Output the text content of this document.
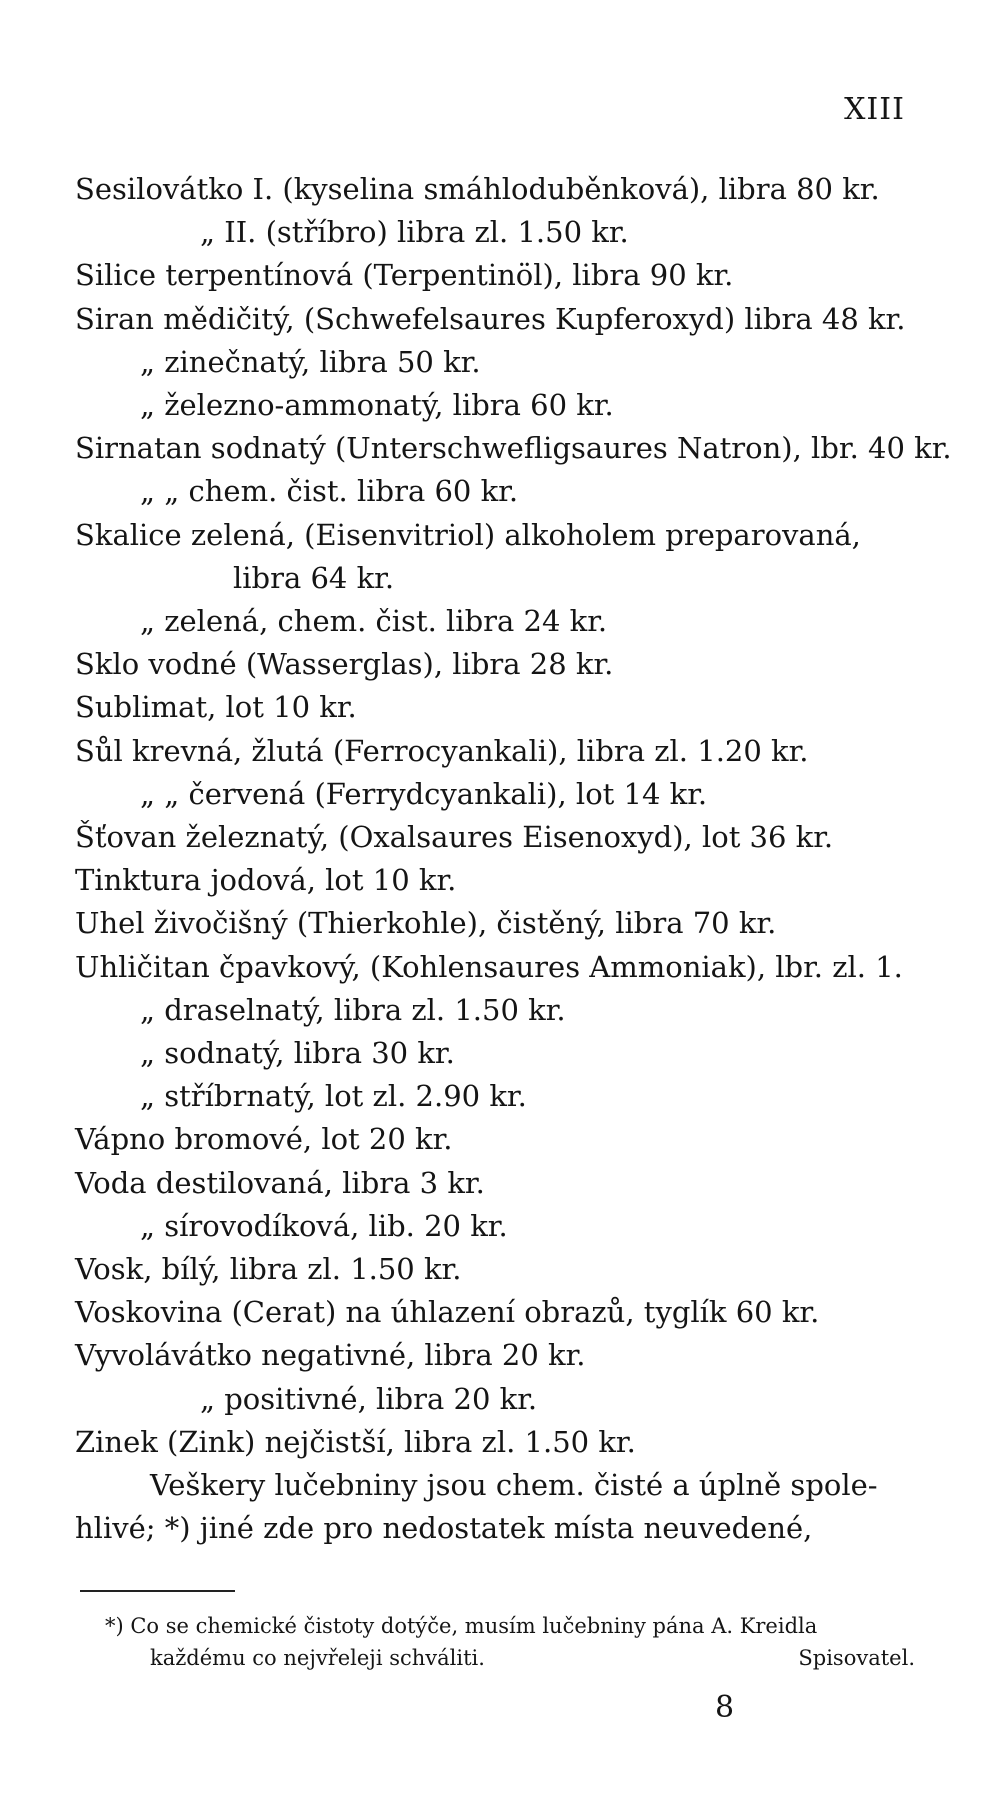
XIII
Sesilovátko I. (kyselina smáhloduběnková), libra 80 kr.
„ II. (stříbro) libra zl. 1.50 kr.
Silice terpentínová (Terpentinöl), libra 90 kr.
Siran mědičitý, (Schwefelsaures Kupferoxyd) libra 48 kr.
„ zinečnatý, libra 50 kr.
„ železno-ammonatý, libra 60 kr.
Sirnatan sodnatý (Unterschwefligsaures Natron), lbr. 40 kr.
„ „ chem. čist. libra 60 kr.
Skalice zelená, (Eisenvitriol) alkoholem preparovaná,
libra 64 kr.
„ zelená, chem. čist. libra 24 kr.
Sklo vodné (Wasserglas), libra 28 kr.
Sublimat, lot 10 kr.
Sůl krevná, žlutá (Ferrocyankali), libra zl. 1.20 kr.
„ „ červená (Ferrydcyankali), lot 14 kr.
Šťovan železnatý, (Oxalsaures Eisenoxyd), lot 36 kr.
Tinktura jodová, lot 10 kr.
Uhel živočišný (Thierkohle), čistěný, libra 70 kr.
Uhličitan čpavkový, (Kohlensaures Ammoniak), lbr. zl. 1.
„ draselnatý, libra zl. 1.50 kr.
„ sodnatý, libra 30 kr.
„ stříbrnatý, lot zl. 2.90 kr.
Vápno bromové, lot 20 kr.
Voda destilovaná, libra 3 kr.
„ sírovodíková, lib. 20 kr.
Vosk, bílý, libra zl. 1.50 kr.
Voskovina (Cerat) na úhlazení obrazů, tyglík 60 kr.
Vyvolávátko negativné, libra 20 kr.
„ positivné, libra 20 kr.
Zinek (Zink) nejčistší, libra zl. 1.50 kr.
Veškery lučebniny jsou chem. čisté a úplně spole-
hlivé; *) jiné zde pro nedostatek místa neuvedené,
*) Co se chemické čistoty dotýče, musím lučebniny pána A. Kreidla
každému co nejvřeleji schváliti.	Spisovatel.
8
